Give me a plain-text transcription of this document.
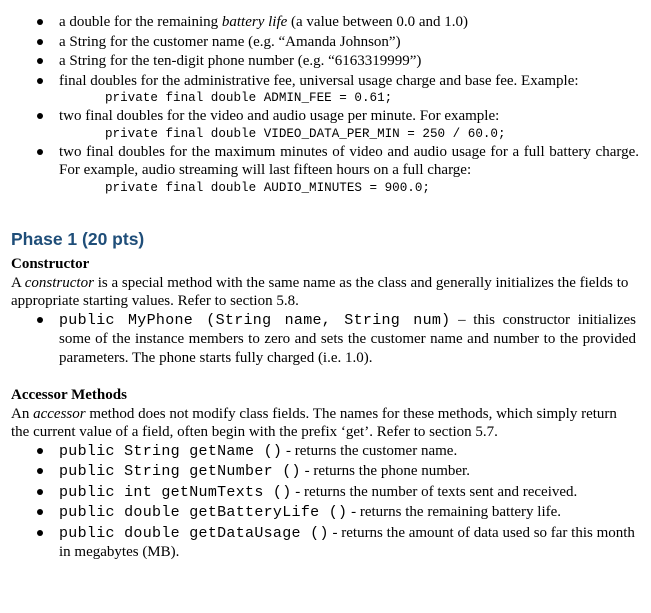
a double for the remaining battery life (a value between 0.0 and 1.0)
a String for the customer name (e.g. “Amanda Johnson”)
a String for the ten-digit phone number (e.g. “6163319999”)
final doubles for the administrative fee, universal usage charge and base fee. Example:
private final double ADMIN_FEE = 0.61;
two final doubles for the video and audio usage per minute. For example:
private final double VIDEO_DATA_PER_MIN = 250 / 60.0;
two final doubles for the maximum minutes of video and audio usage for a full battery charge. For example, audio streaming will last fifteen hours on a full charge:
private final double AUDIO_MINUTES = 900.0;
Phase 1 (20 pts)
Constructor
A constructor is a special method with the same name as the class and generally initializes the fields to appropriate starting values. Refer to section 5.8.
public MyPhone (String name, String num) – this constructor initializes some of the instance members to zero and sets the customer name and number to the provided parameters. The phone starts fully charged (i.e. 1.0).
Accessor Methods
An accessor method does not modify class fields. The names for these methods, which simply return the current value of a field, often begin with the prefix ‘get’. Refer to section 5.7.
public String getName () - returns the customer name.
public String getNumber () - returns the phone number.
public int getNumTexts () - returns the number of texts sent and received.
public double getBatteryLife () - returns the remaining battery life.
public double getDataUsage () - returns the amount of data used so far this month in megabytes (MB).
